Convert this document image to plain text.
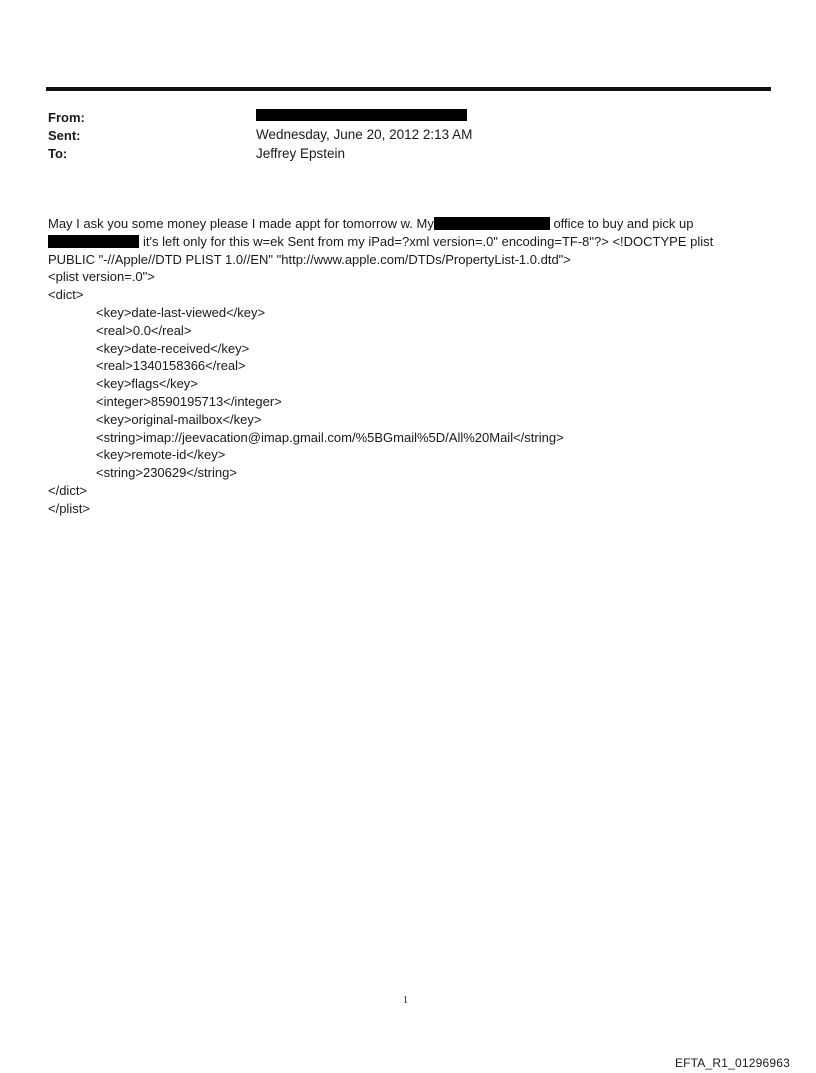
From:
Sent:	Wednesday, June 20, 2012 2:13 AM
To:	Jeffrey Epstein
May I ask you some money please I made appt for tomorrow w. My	office to buy and pick up
it's left only for this w=ek Sent from my iPad=?xml version=.0" encoding=TF-8"?> <!DOCTYPE plist
PUBLIC "-//Apple//DTD PLIST 1.0//EN" "http://www.apple.com/DTDs/PropertyList-1.0.dtd">
<plist version=.0">
<dict>
<key>date-last-viewed</key>
<real>0.0</real>
<key>date-received</key>
<real>1340158366</real>
<key>flags</key>
<integer>8590195713</integer>
<key>original-mailbox</key>
<string>imap://jeevacation@imap.gmail.com/%5BGmail%5D/All%20Mail</string>
<key>remote-id</key>
<string>230629</string>
</dict>
</plist>
1
EFTA_R1_01296963
